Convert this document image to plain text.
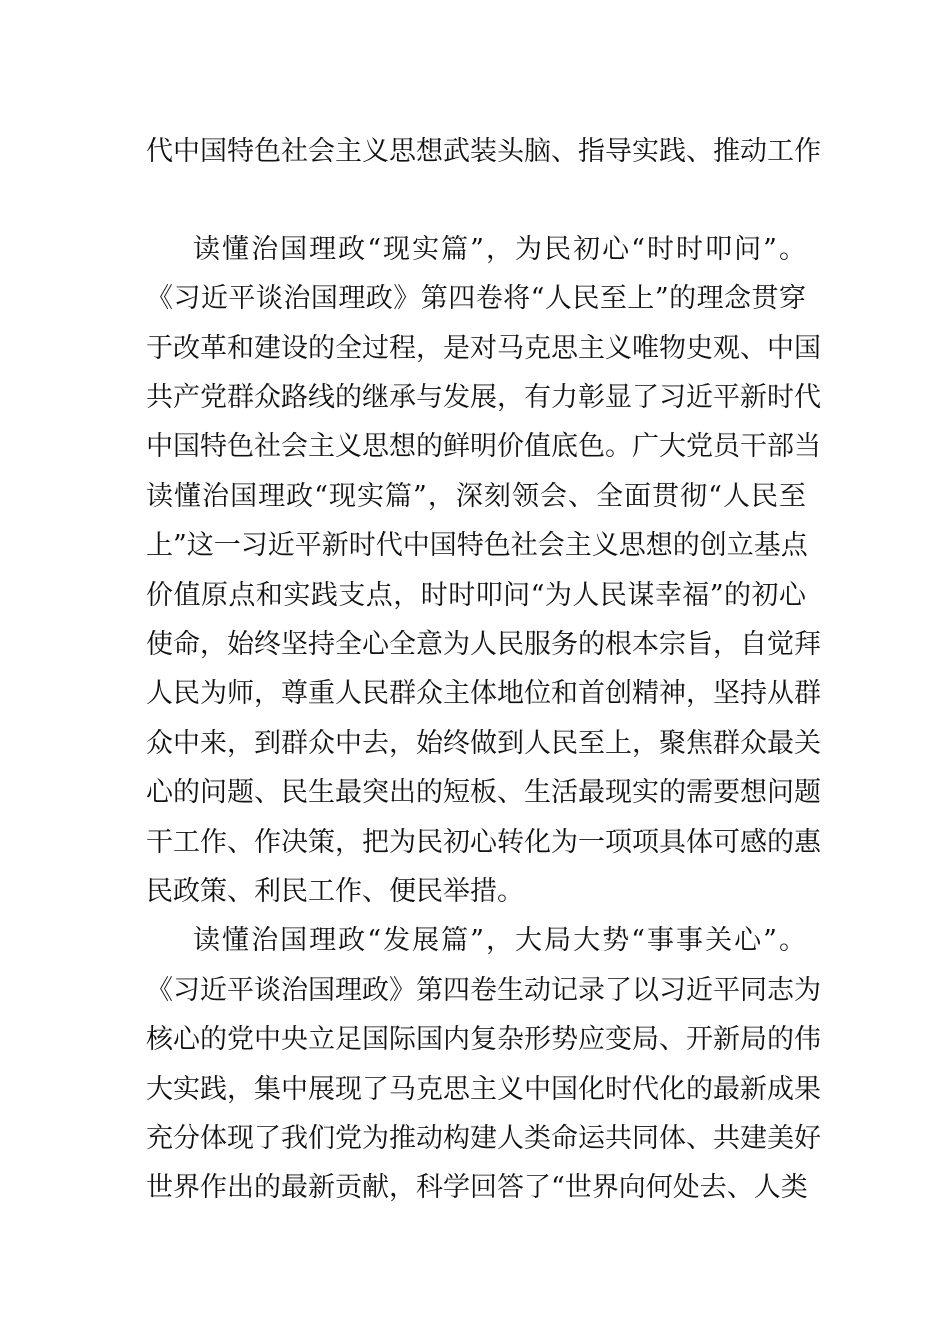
代中国特色社会主义思想武装头脑、指导实践、推动工作
读懂治国理政“现实篇”，为民初心“时时叩问”。
《习近平谈治国理政》第四卷将“人民至上”的理念贯穿
于改革和建设的全过程，是对马克思主义唯物史观、中国
共产党群众路线的继承与发展，有力彰显了习近平新时代
中国特色社会主义思想的鲜明价值底色。广大党员干部当
读懂治国理政“现实篇”，深刻领会、全面贯彻“人民至
上”这一习近平新时代中国特色社会主义思想的创立基点
价值原点和实践支点，时时叩问“为人民谋幸福”的初心
使命，始终坚持全心全意为人民服务的根本宗旨，自觉拜
人民为师，尊重人民群众主体地位和首创精神，坚持从群
众中来，到群众中去，始终做到人民至上，聚焦群众最关
心的问题、民生最突出的短板、生活最现实的需要想问题
干工作、作决策，把为民初心转化为一项项具体可感的惠
民政策、利民工作、便民举措。
读懂治国理政“发展篇”，大局大势“事事关心”。
《习近平谈治国理政》第四卷生动记录了以习近平同志为
核心的党中央立足国际国内复杂形势应变局、开新局的伟
大实践，集中展现了马克思主义中国化时代化的最新成果
充分体现了我们党为推动构建人类命运共同体、共建美好
世界作出的最新贡献，科学回答了“世界向何处去、人类
